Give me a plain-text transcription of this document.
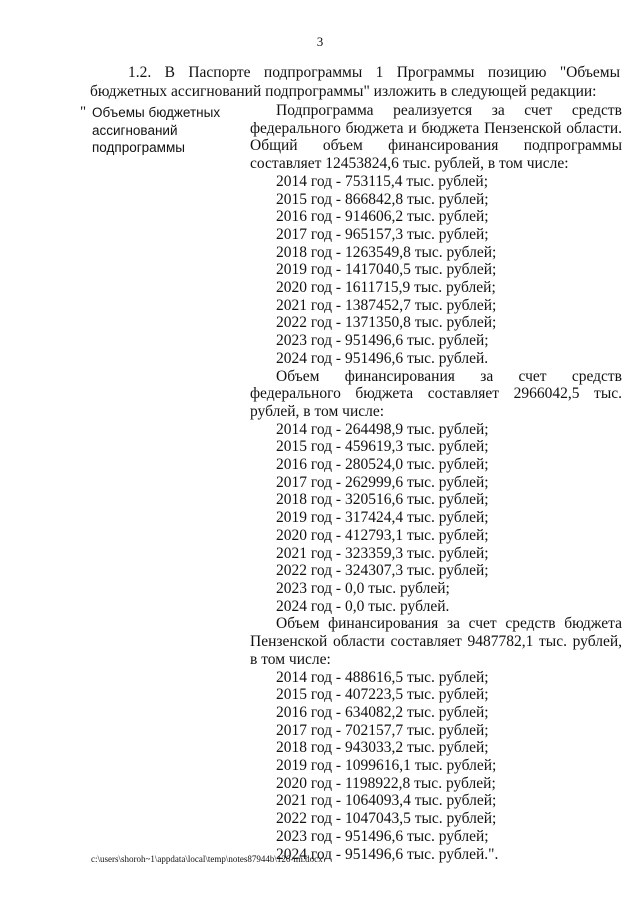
3

1.2. В Паспорте подпрограммы 1 Программы позицию "Объемы бюджетных ассигнований подпрограммы" изложить в следующей редакции:

" Объемы бюджетных ассигнований подпрограммы

Подпрограмма реализуется за счет средств федерального бюджета и бюджета Пензенской области. Общий объем финансирования подпрограммы составляет 12453824,6 тыс. рублей, в том числе:

2014 год - 753115,4 тыс. рублей;
2015 год - 866842,8 тыс. рублей;
2016 год - 914606,2 тыс. рублей;
2017 год - 965157,3 тыс. рублей;
2018 год - 1263549,8 тыс. рублей;
2019 год - 1417040,5 тыс. рублей;
2020 год - 1611715,9 тыс. рублей;
2021 год - 1387452,7 тыс. рублей;
2022 год - 1371350,8 тыс. рублей;
2023 год - 951496,6 тыс. рублей;
2024 год - 951496,6 тыс. рублей.

Объем финансирования за счет средств федерального бюджета составляет 2966042,5 тыс. рублей, в том числе:

2014 год - 264498,9 тыс. рублей;
2015 год - 459619,3 тыс. рублей;
2016 год - 280524,0 тыс. рублей;
2017 год - 262999,6 тыс. рублей;
2018 год - 320516,6 тыс. рублей;
2019 год - 317424,4 тыс. рублей;
2020 год - 412793,1 тыс. рублей;
2021 год - 323359,3 тыс. рублей;
2022 год - 324307,3 тыс. рублей;
2023 год - 0,0 тыс. рублей;
2024 год - 0,0 тыс. рублей.

Объем финансирования за счет средств бюджета Пензенской области составляет 9487782,1 тыс. рублей, в том числе:

2014 год - 488616,5 тыс. рублей;
2015 год - 407223,5 тыс. рублей;
2016 год - 634082,2 тыс. рублей;
2017 год - 702157,7 тыс. рублей;
2018 год - 943033,2 тыс. рублей;
2019 год - 1099616,1 тыс. рублей;
2020 год - 1198922,8 тыс. рублей;
2021 год - 1064093,4 тыс. рублей;
2022 год - 1047043,5 тыс. рублей;
2023 год - 951496,6 тыс. рублей;
2024 год - 951496,6 тыс. рублей.".
c:\users\shoroh~1\appdata\local\temp\notes87944b\126-im.docx
